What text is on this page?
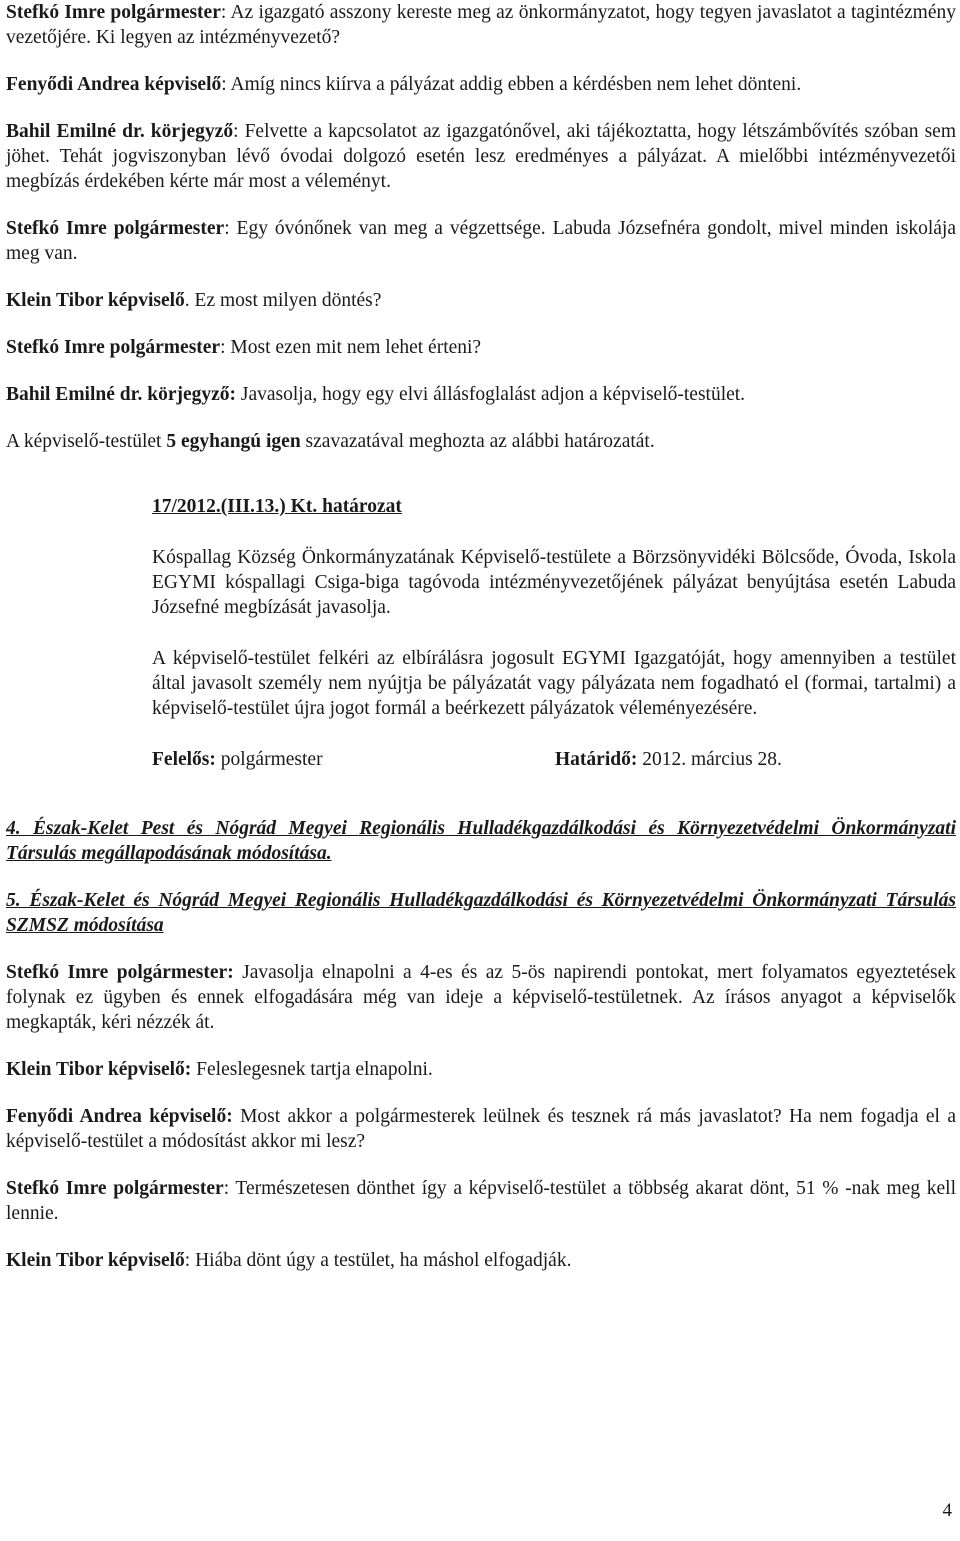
Stefkó Imre polgármester: Az igazgató asszony kereste meg az önkormányzatot, hogy tegyen javaslatot a tagintézmény vezetőjére. Ki legyen az intézményvezető?

Fenyődi Andrea képviselő: Amíg nincs kiírva a pályázat addig ebben a kérdésben nem lehet dönteni.

Bahil Emilné dr. körjegyző: Felvette a kapcsolatot az igazgatónővel, aki tájékoztatta, hogy létszámbővítés szóban sem jöhet. Tehát jogviszonyban lévő óvodai dolgozó esetén lesz eredményes a pályázat. A mielőbbi intézményvezetői megbízás érdekében kérte már most a véleményt.

Stefkó Imre polgármester: Egy óvónőnek van meg a végzettsége. Labuda Józsefnéra gondolt, mivel minden iskolája meg van.

Klein Tibor képviselő. Ez most milyen döntés?

Stefkó Imre polgármester: Most ezen mit nem lehet érteni?

Bahil Emilné dr. körjegyző: Javasolja, hogy egy elvi állásfoglalást adjon a képviselő-testület.

A képviselő-testület 5 egyhangú igen szavazatával meghozta az alábbi határozatát.

17/2012.(III.13.) Kt. határozat

Kóspallag Község Önkormányzatának Képviselő-testülete a Börzsönyvidéki Bölcsőde, Óvoda, Iskola EGYMI kóspallagi Csiga-biga tagóvoda intézményvezetőjének pályázat benyújtása esetén Labuda Józsefné megbízását javasolja.

A képviselő-testület felkéri az elbírálásra jogosult EGYMI Igazgatóját, hogy amennyiben a testület által javasolt személy nem nyújtja be pályázatát vagy pályázata nem fogadható el (formai, tartalmi) a képviselő-testület újra jogot formál a beérkezett pályázatok véleményezésére.

Felelős: polgármester	Határidő: 2012. március 28.

4. Észak-Kelet Pest és Nógrád Megyei Regionális Hulladékgazdálkodási és Környezetvédelmi Önkormányzati Társulás megállapodásának módosítása.

5. Észak-Kelet és Nógrád Megyei Regionális Hulladékgazdálkodási és Környezetvédelmi Önkormányzati Társulás SZMSZ módosítása

Stefkó Imre polgármester: Javasolja elnapolni a 4-es és az 5-ös napirendi pontokat, mert folyamatos egyeztetések folynak ez ügyben és ennek elfogadására még van ideje a képviselő-testületnek. Az írásos anyagot a képviselők megkapták, kéri nézzék át.

Klein Tibor képviselő: Feleslegesnek tartja elnapolni.

Fenyődi Andrea képviselő: Most akkor a polgármesterek leülnek és tesznek rá más javaslatot? Ha nem fogadja el a képviselő-testület a módosítást akkor mi lesz?

Stefkó Imre polgármester: Természetesen dönthet így a képviselő-testület a többség akarat dönt, 51 % -nak meg kell lennie.

Klein Tibor képviselő: Hiába dönt úgy a testület, ha máshol elfogadják.

4
